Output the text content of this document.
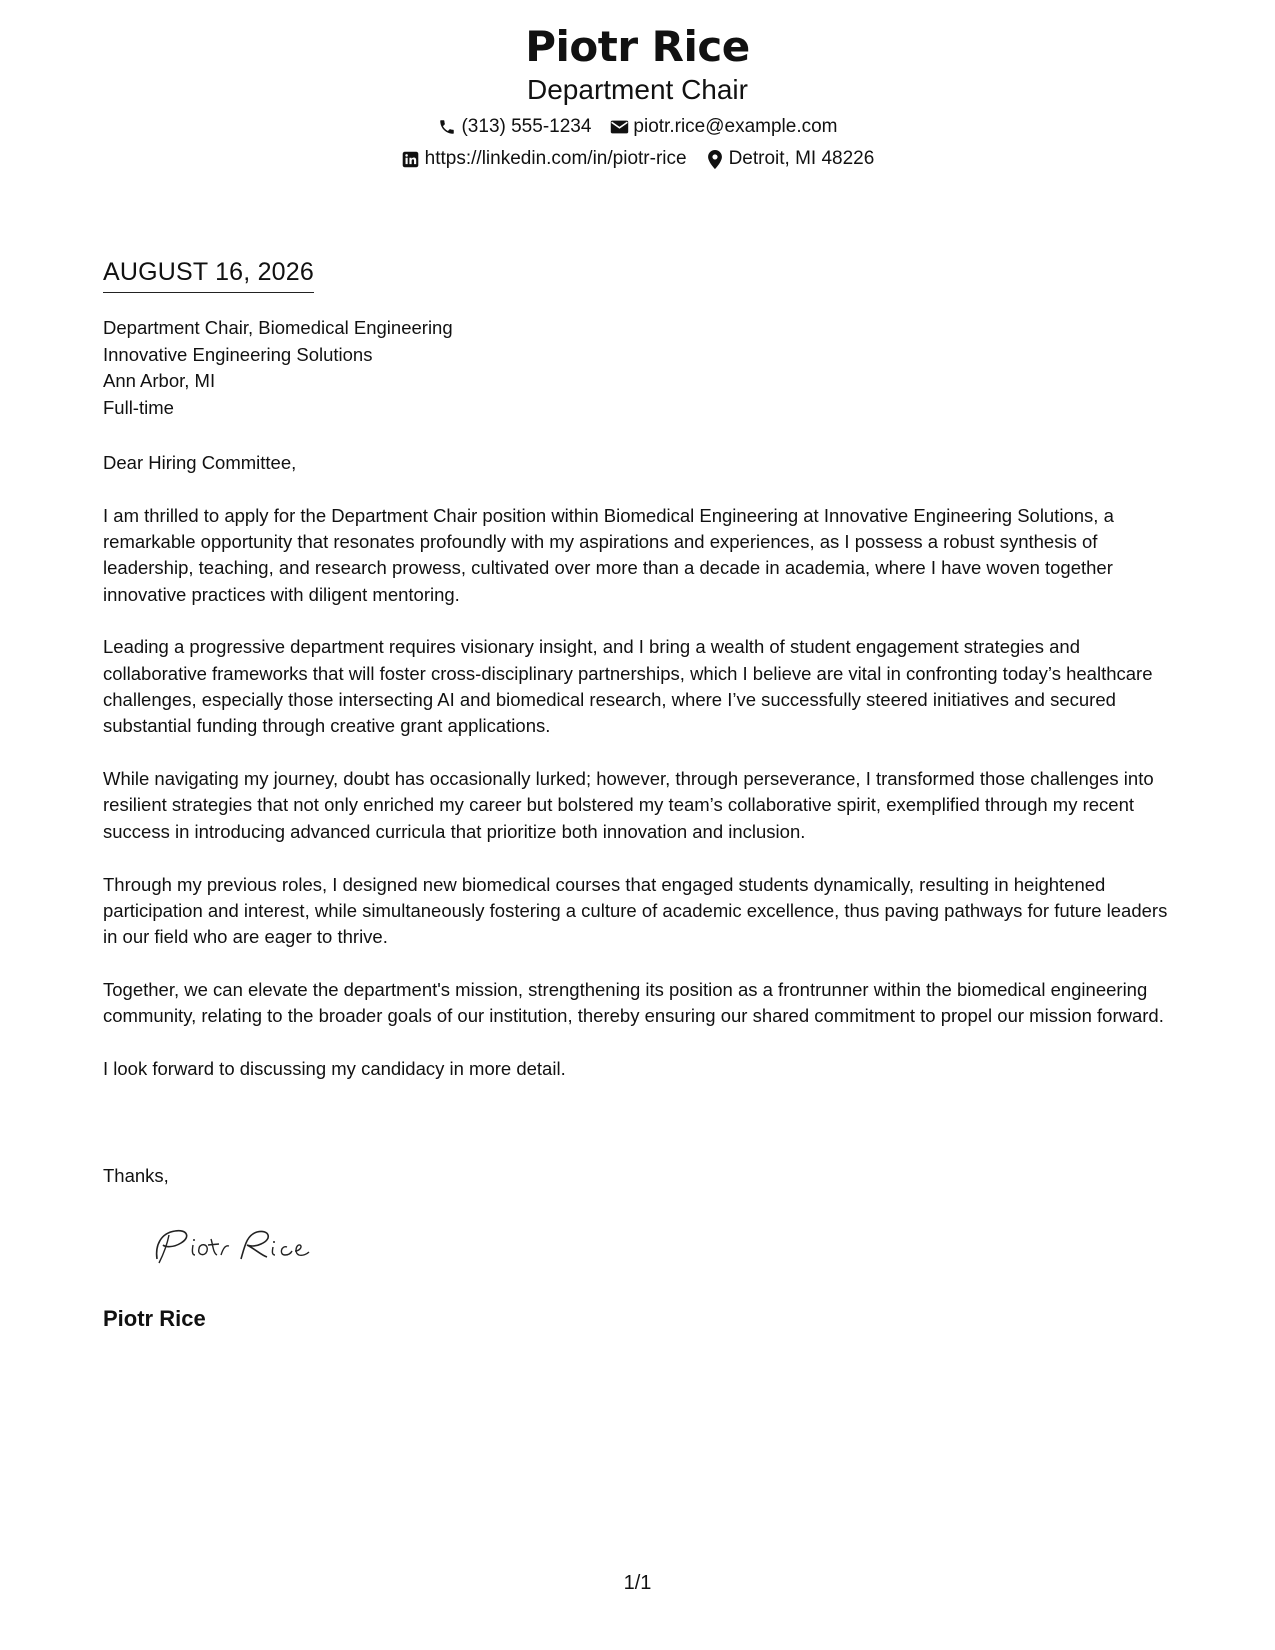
Piotr Rice
Department Chair
(313) 555-1234 piotr.rice@example.com
https://linkedin.com/in/piotr-rice Detroit, MI 48226
AUGUST 16, 2026
Department Chair, Biomedical Engineering
Innovative Engineering Solutions
Ann Arbor, MI
Full-time

Dear Hiring Committee,

I am thrilled to apply for the Department Chair position within Biomedical Engineering at Innovative Engineering Solutions, a remarkable opportunity that resonates profoundly with my aspirations and experiences, as I possess a robust synthesis of leadership, teaching, and research prowess, cultivated over more than a decade in academia, where I have woven together innovative practices with diligent mentoring.

Leading a progressive department requires visionary insight, and I bring a wealth of student engagement strategies and collaborative frameworks that will foster cross-disciplinary partnerships, which I believe are vital in confronting today’s healthcare challenges, especially those intersecting AI and biomedical research, where I’ve successfully steered initiatives and secured substantial funding through creative grant applications.

While navigating my journey, doubt has occasionally lurked; however, through perseverance, I transformed those challenges into resilient strategies that not only enriched my career but bolstered my team’s collaborative spirit, exemplified through my recent success in introducing advanced curricula that prioritize both innovation and inclusion.

Through my previous roles, I designed new biomedical courses that engaged students dynamically, resulting in heightened participation and interest, while simultaneously fostering a culture of academic excellence, thus paving pathways for future leaders in our field who are eager to thrive.

Together, we can elevate the department's mission, strengthening its position as a frontrunner within the biomedical engineering community, relating to the broader goals of our institution, thereby ensuring our shared commitment to propel our mission forward.

I look forward to discussing my candidacy in more detail.

Thanks,
Piotr Rice
1/1
